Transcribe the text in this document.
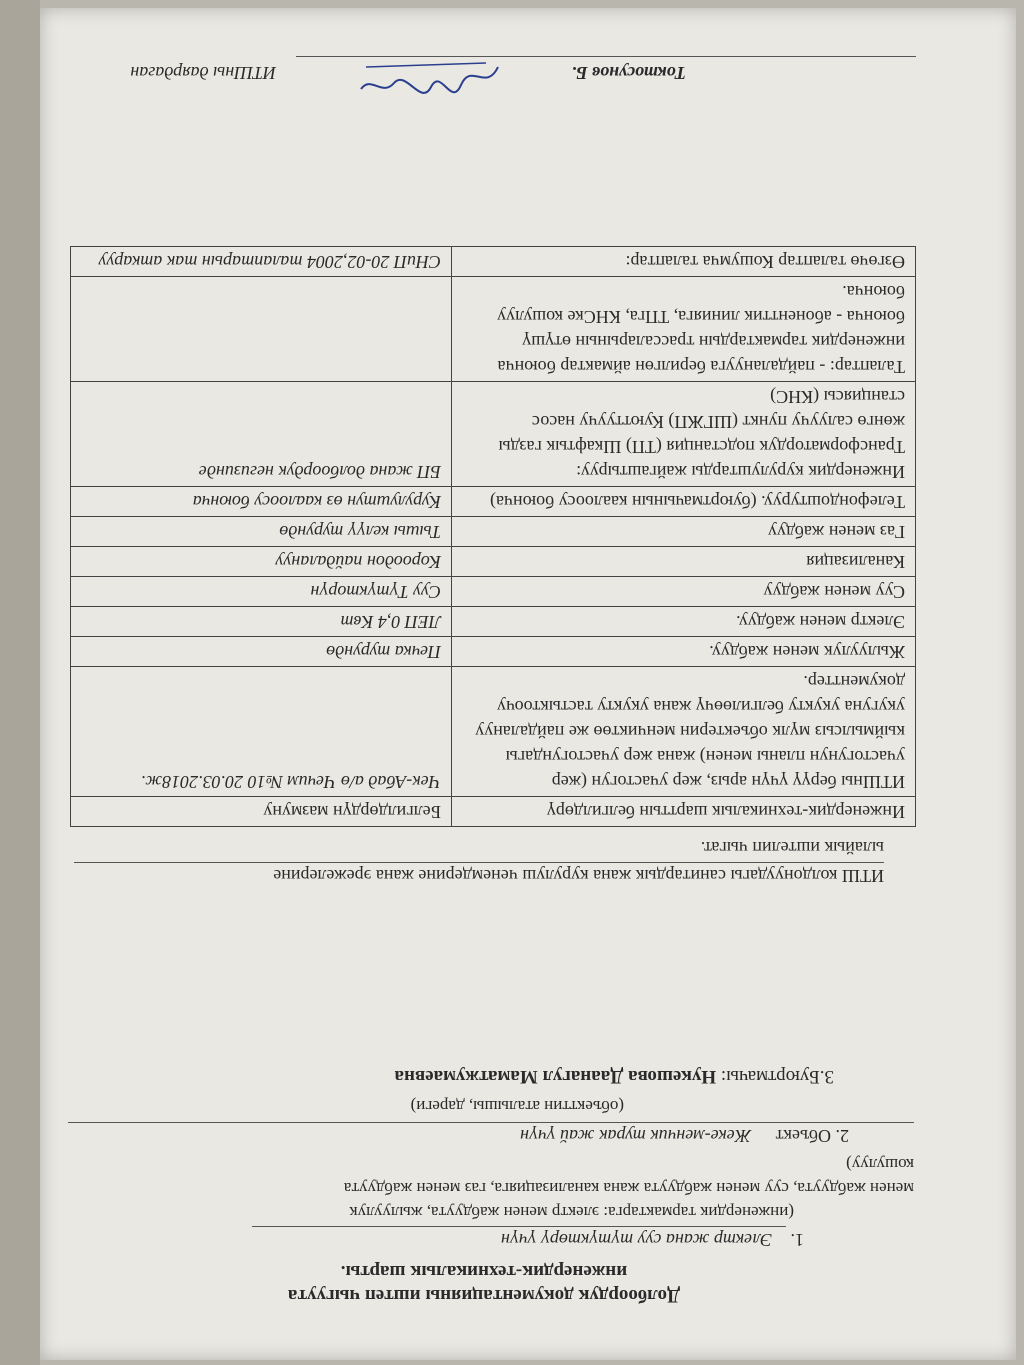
Долбоордук документацияны иштеп чыгуута
инженердик-техникалык шарты.
1. Электр жана суу түтүктөрү үчүн
(инженердик тармактарга: электр менен жабдуута, жылуулук
менен жабдуута, суу менен жабдуута жана канализацияга, газ менен жабдуута
кошулуу)
2. Объект Жеке-менчик турак жай үчүн
(объекттин аталышы, дареги)
3.Буюртмачы: Нукешова Даанагул Маматжумаевна
ИТШ колдонуудагы санитардык жана курулуш ченемдерине жана эрежелерине
ылайык иштелип чыгат.
Инженердик-техникалык шарттын белгилдөрү	Белгилдөрдүн мазмуну
ИТШны берүү үчүн арыз, жер участогун (жер участогунун планы менен) жана жер участогундагы кыймылсыз мүлк объектерин менчиктөө же пайдалануу укугуна укукту белгилөөчү жана укукту тастыктоочу документтер.	Чек-Абад а/ө Чечим №10 20.03.2018ж.
Жылуулук менен жабдуу.	Печка турундө
Электр менен жабдуу.	ЛЕП 0,4 Квт
Суу менен жабдуу	Суу Түтүкторүн
Канализация	Короодон пайдалануу
Газ менен жабдуу	Тышы келүү турундө
Телефондоштуруу. (буюртмачынын каалоосу боюнча)	Курулуштун өз каалоосу боюнча
Инженердик курулуштарды жайгаштыруу: Трансформатордук подстанция (ТП) Шкафтык газды жөнгө салуучу пункт (ШГЖП) Куюттуучу насос станциясы (КНС)	БП жана долбоордук негизинде
Талаптар: - пайдаланууга берилгөн аймактар боюнча инженердик тармактардын трассаларынын өтүшү боюнча - абоненттик линияга, ТПга, КНСке кошулуу боюнча.	
Өзгөчө талаптар Кошумча талаптар:	СНиП 20-02,2004 талаптарын так аткаруу
ИТШны даярдаган	Токтосунов Б.
